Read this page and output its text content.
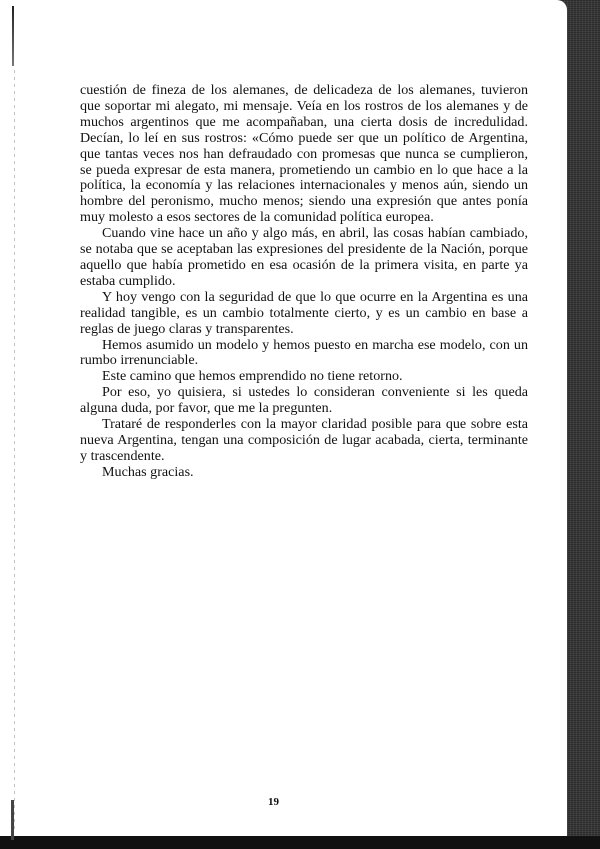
cuestión de fineza de los alemanes, de delicadeza de los alemanes, tuvieron que soportar mi alegato, mi mensaje. Veía en los rostros de los alemanes y de muchos argentinos que me acompañaban, una cierta dosis de incredulidad. Decían, lo leí en sus rostros: «Cómo puede ser que un político de Argentina, que tantas veces nos han defraudado con promesas que nunca se cumplieron, se pueda expresar de esta manera, prometiendo un cambio en lo que hace a la política, la economía y las relaciones internacionales y menos aún, siendo un hombre del peronismo, mucho menos; siendo una expresión que antes ponía muy molesto a esos sectores de la comunidad política europea.

Cuando vine hace un año y algo más, en abril, las cosas habían cambiado, se notaba que se aceptaban las expresiones del presidente de la Nación, porque aquello que había prometido en esa ocasión de la primera visita, en parte ya estaba cumplido.

Y hoy vengo con la seguridad de que lo que ocurre en la Argentina es una realidad tangible, es un cambio totalmente cierto, y es un cambio en base a reglas de juego claras y transparentes.

Hemos asumido un modelo y hemos puesto en marcha ese modelo, con un rumbo irrenunciable.

Este camino que hemos emprendido no tiene retorno.

Por eso, yo quisiera, si ustedes lo consideran conveniente si les queda alguna duda, por favor, que me la pregunten.

Trataré de responderles con la mayor claridad posible para que sobre esta nueva Argentina, tengan una composición de lugar acabada, cierta, terminante y trascendente.

Muchas gracias.

19
